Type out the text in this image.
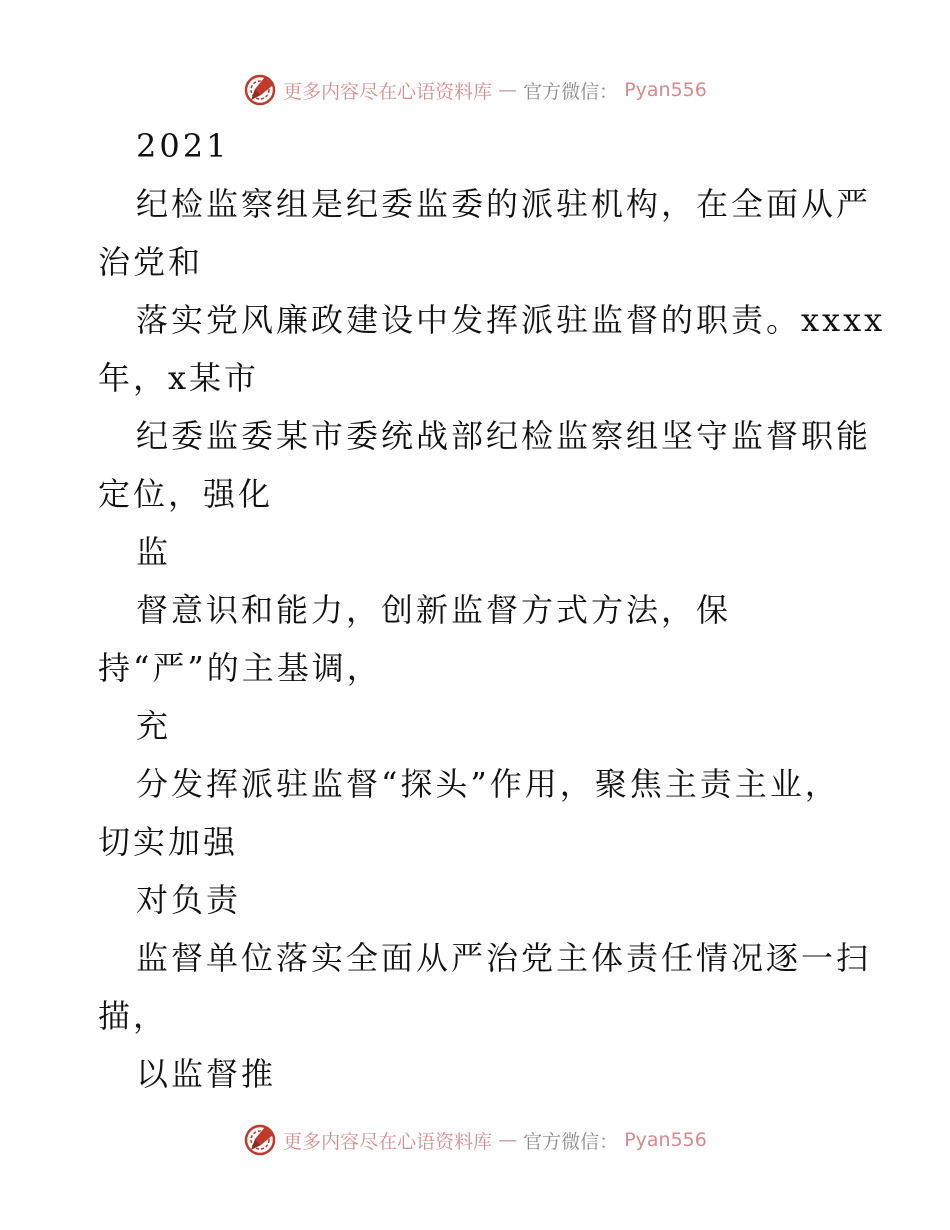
更多内容尽在心语资料库 — 官方微信： Pyan556

2021

纪检监察组是纪委监委的派驻机构，在全面从严

治党和

落实党风廉政建设中发挥派驻监督的职责。xxxx

年，x某市

纪委监委某市委统战部纪检监察组坚守监督职能

定位，强化

监

督意识和能力，创新监督方式方法，保

持“严”的主基调，

充

分发挥派驻监督“探头”作用，聚焦主责主业，

切实加强

对负责

监督单位落实全面从严治党主体责任情况逐一扫

描，

以监督推

更多内容尽在心语资料库 — 官方微信： Pyan556
